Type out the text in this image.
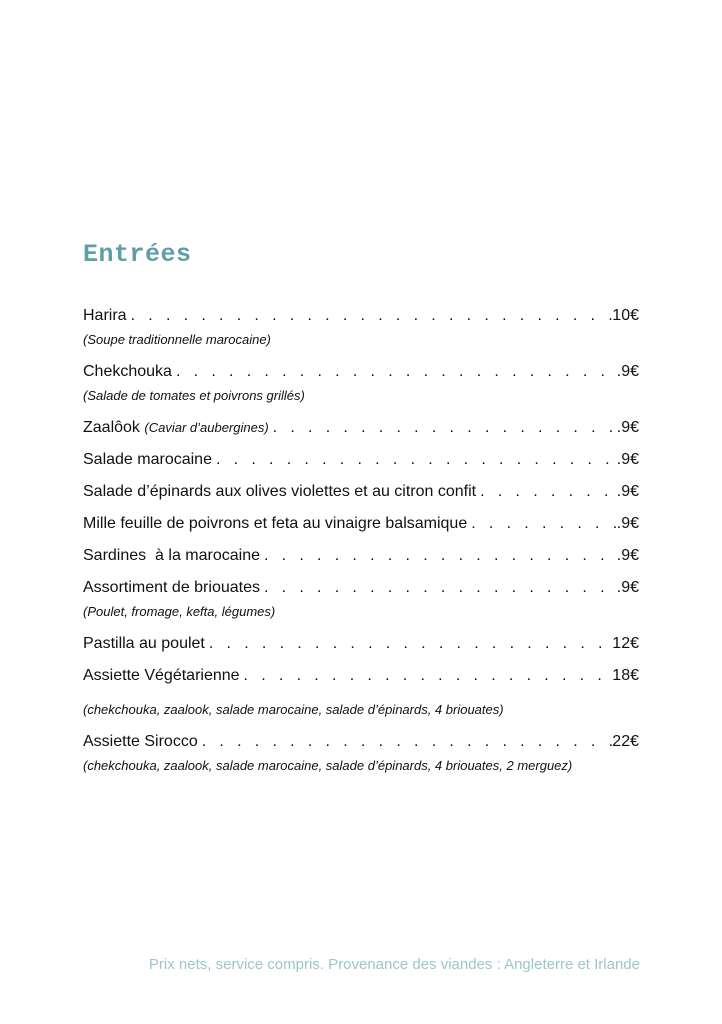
Entrées
Harira . . .	10€
(Soupe traditionnelle marocaine)
Chekchouka . . .	.9€
(Salade de tomates et poivrons grillés)
Zaalôok (Caviar d’aubergines) . . .	.9€
Salade marocaine . . .	.9€
Salade d’épinards aux olives violettes et au citron confit . . .	.9€
Mille feuille de poivrons et feta au vinaigre balsamique . . .	.9€
Sardines  à la marocaine . . .	.9€
Assortiment de briouates . . .	.9€
(Poulet, fromage, kefta, légumes)
Pastilla au poulet . . .	12€
Assiette Végétarienne . . .	18€
(chekchouka, zaalook, salade marocaine, salade d’épinards, 4 briouates)
Assiette Sirocco . . .	22€
(chekchouka, zaalook, salade marocaine, salade d’épinards, 4 briouates, 2 merguez)
Prix nets, service compris. Provenance des viandes : Angleterre et Irlande
